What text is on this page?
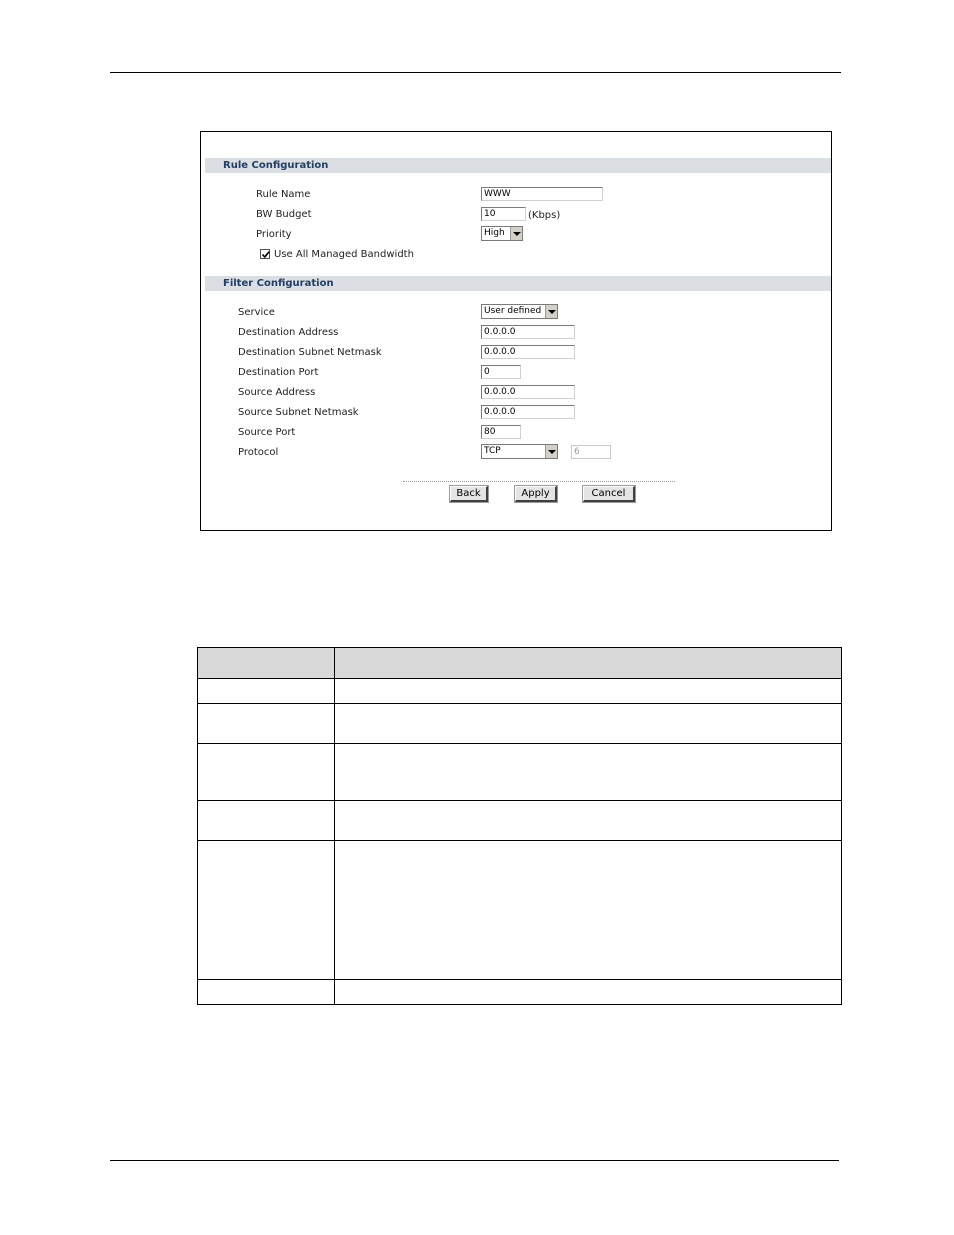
Rule Configuration
Rule Name	WWW
BW Budget	10	(Kbps)
Priority	High
Use All Managed Bandwidth
Filter Configuration
Service	User defined
Destination Address	0.0.0.0
Destination Subnet Netmask	0.0.0.0
Destination Port	0
Source Address	0.0.0.0
Source Subnet Netmask	0.0.0.0
Source Port	80
Protocol	TCP	6
Back	Apply	Cancel
